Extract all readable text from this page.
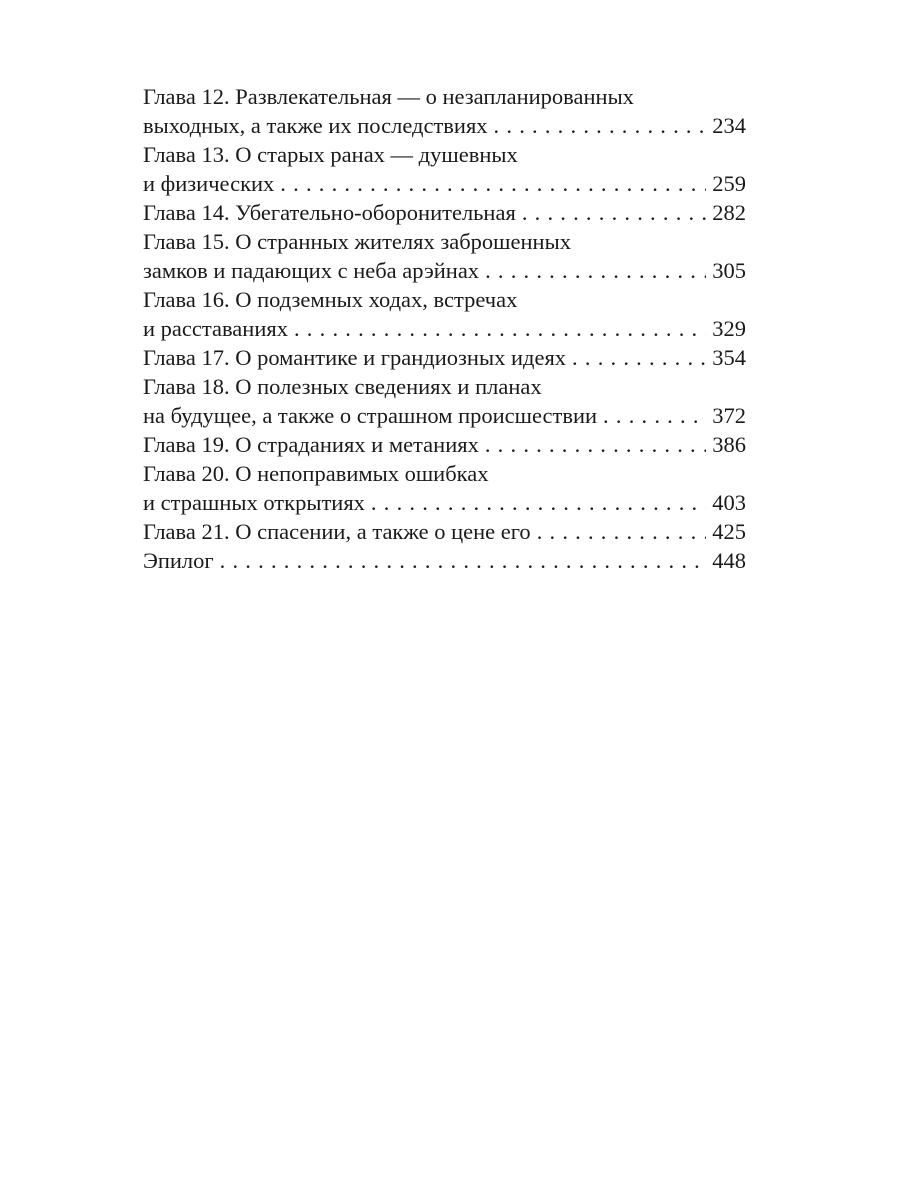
Глава 12. Развлекательная — о незапланированных
выходных, а также их последствиях .....	234
Глава 13. О старых ранах — душевных
и физических .....	259
Глава 14. Убегательно-оборонительная .....	282
Глава 15. О странных жителях заброшенных
замков и падающих с неба арэйнах .....	305
Глава 16. О подземных ходах, встречах
и расставаниях .....	329
Глава 17. О романтике и грандиозных идеях .....	354
Глава 18. О полезных сведениях и планах
на будущее, а также о страшном происшествии .....	372
Глава 19. О страданиях и метаниях .....	386
Глава 20. О непоправимых ошибках
и страшных открытиях .....	403
Глава 21. О спасении, а также о цене его .....	425
Эпилог .....	448
